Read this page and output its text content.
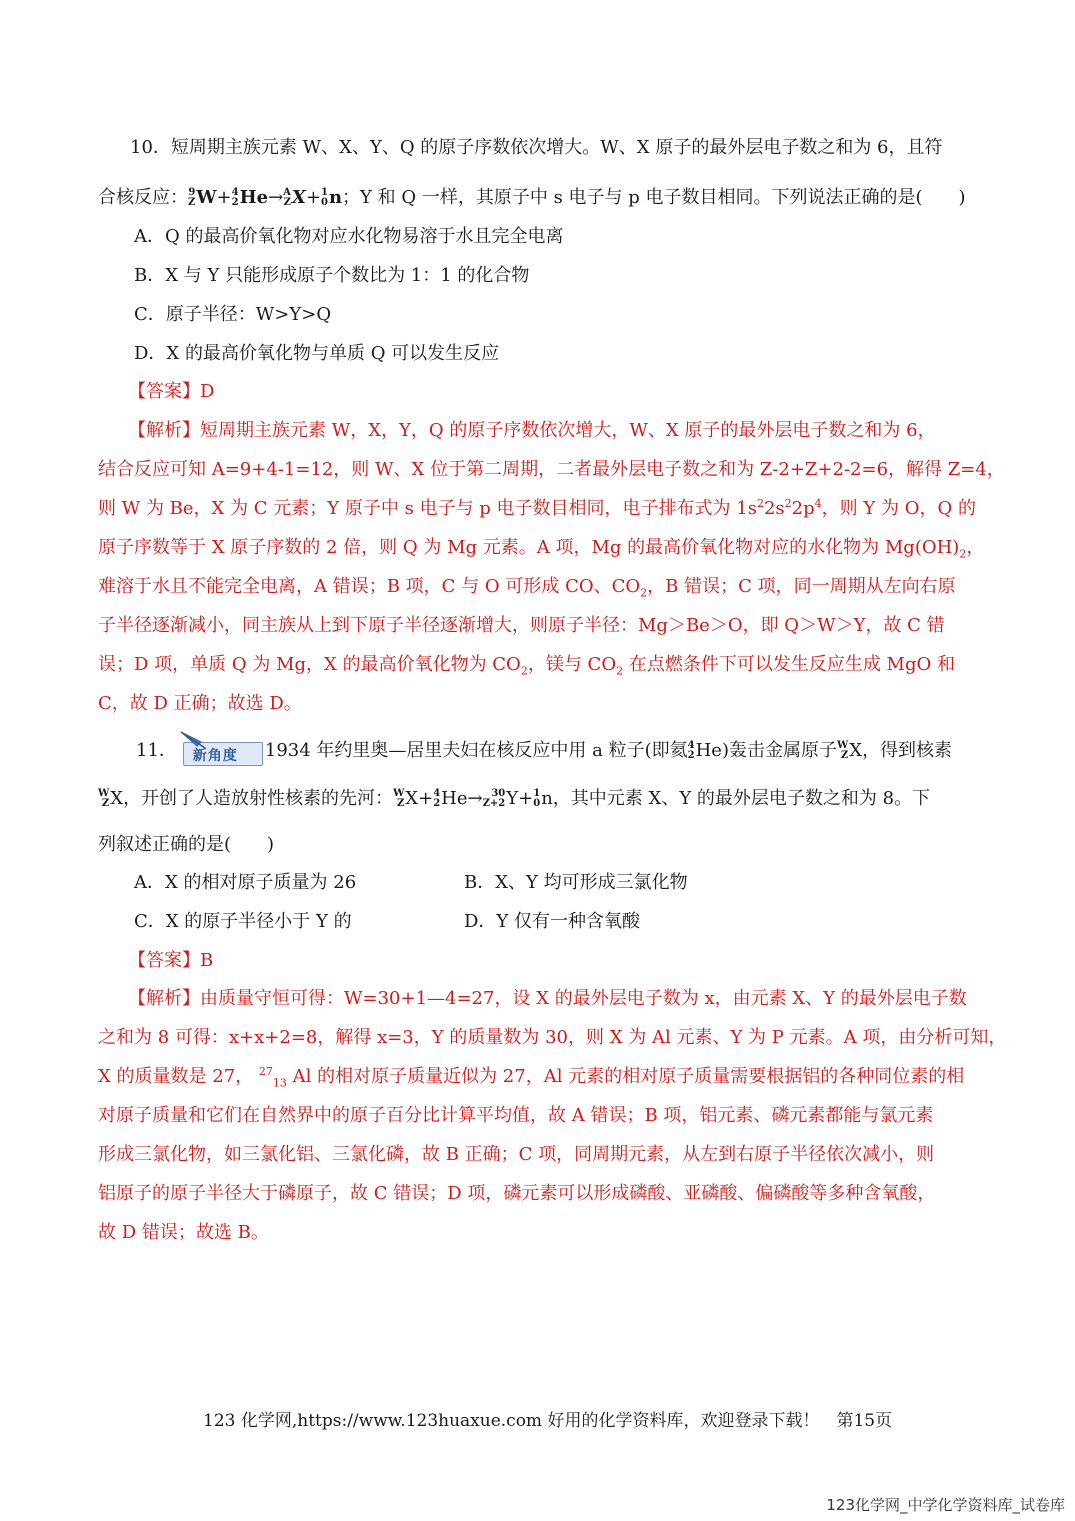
10．短周期主族元素 W、X、Y、Q 的原子序数依次增大。W、X 原子的最外层电子数之和为 6，且符
合核反应： 9
Z W+ 4
2 He→ A
Z X+ 1
0 n；Y 和 Q 一样，其原子中 s 电子与 p 电子数目相同。下列说法正确的是(　　)
A．Q 的最高价氧化物对应水化物易溶于水且完全电离
B．X 与 Y 只能形成原子个数比为 1：1 的化合物
C．原子半径：W>Y>Q
D．X 的最高价氧化物与单质 Q 可以发生反应
【答案】D
【解析】短周期主族元素 W，X，Y，Q 的原子序数依次增大，W、X 原子的最外层电子数之和为 6，
结合反应可知 A=9+4-1=12，则 W、X 位于第二周期，二者最外层电子数之和为 Z-2+Z+2-2=6，解得 Z=4，
则 W 为 Be，X 为 C 元素；Y 原子中 s 电子与 p 电子数目相同，电子排布式为 $1s^22s^22p^4$，则 Y 为 O，Q 的
原子序数等于 X 原子序数的 2 倍，则 Q 为 Mg 元素。A 项，Mg 的最高价氧化物对应的水化物为 $Mg(OH)_2$，
难溶于水且不能完全电离，A 错误；B 项，C 与 O 可形成 CO、$CO_2$，B 错误；C 项，同一周期从左向右原
子半径逐渐减小，同主族从上到下原子半径逐渐增大，则原子半径：Mg＞Be＞O，即 Q＞W＞Y，故 C 错
误；D 项，单质 Q 为 Mg，X 的最高价氧化物为 $CO_2$，镁与 $CO_2$ 在点燃条件下可以发生反应生成 MgO 和
C，故 D 正确；故选 D。
11． 新角度 1934 年约里奥—居里夫妇在核反应中用 a 粒子(即氦 4
2 He)轰击金属原子 W
Z X，得到核素
W
Z X，开创了人造放射性核素的先河： W
Z X+ 4
2 He→ 30
Z+2 Y+ 1
0 n，其中元素 X、Y 的最外层电子数之和为 8。下
列叙述正确的是(　　)
A．X 的相对原子质量为 26	B．X、Y 均可形成三氯化物
C．X 的原子半径小于 Y 的	D．Y 仅有一种含氧酸
【答案】B
【解析】由质量守恒可得：W=30+1—4=27，设 X 的最外层电子数为 x，由元素 X、Y 的最外层电子数
之和为 8 可得：x+x+2=8，解得 x=3，Y 的质量数为 30，则 X 为 Al 元素、Y 为 P 元素。A 项，由分析可知，
X 的质量数是 27， $^{27}_{13}$ Al 的相对原子质量近似为 27，Al 元素的相对原子质量需要根据铝的各种同位素的相
对原子质量和它们在自然界中的原子百分比计算平均值，故 A 错误；B 项，铝元素、磷元素都能与氯元素
形成三氯化物，如三氯化铝、三氯化磷，故 B 正确；C 项，同周期元素，从左到右原子半径依次减小，则
铝原子的原子半径大于磷原子，故 C 错误；D 项，磷元素可以形成磷酸、亚磷酸、偏磷酸等多种含氧酸，
故 D 错误；故选 B。
123 化学网,https://www.123huaxue.com 好用的化学资料库，欢迎登录下载！　第15页
123化学网_中学化学资料库_试卷库
